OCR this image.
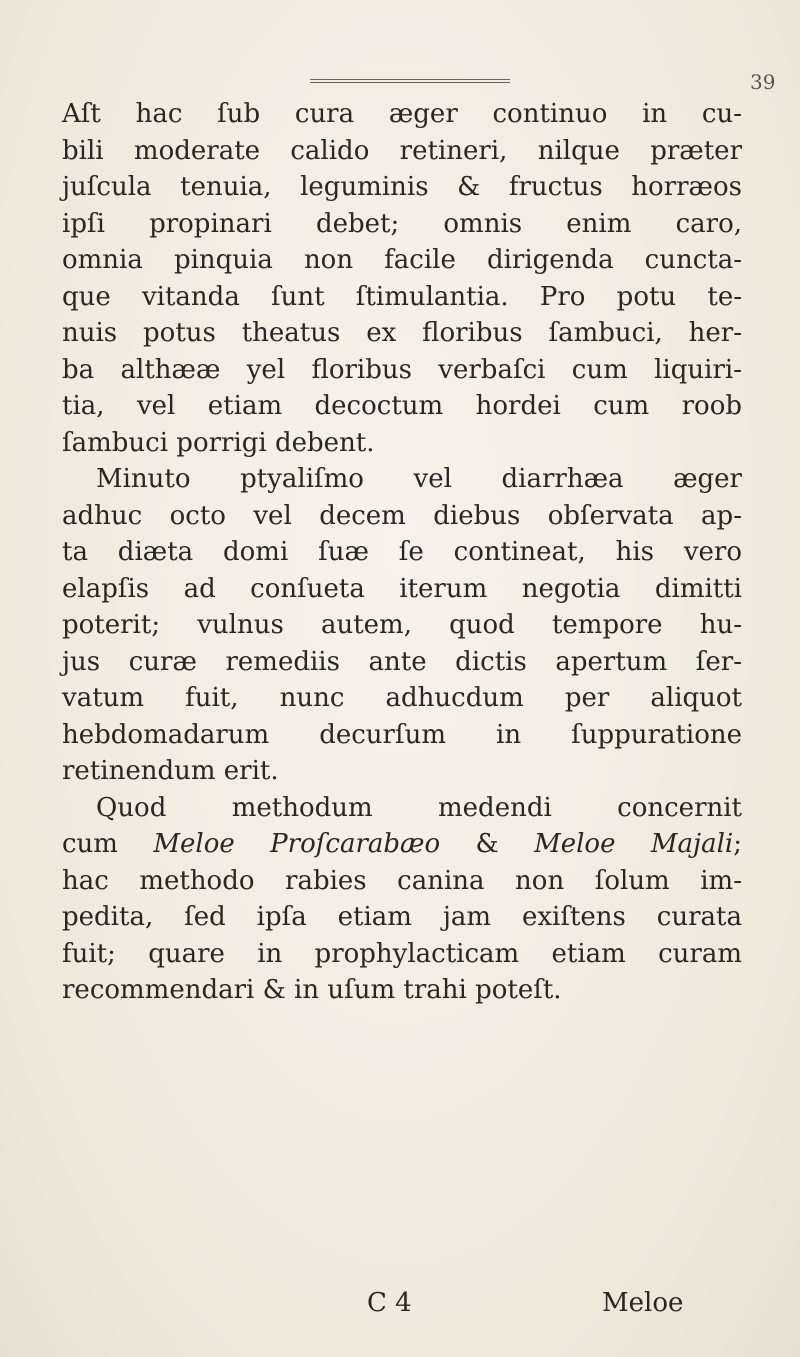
39
Aſt hac ſub cura æger continuo in cu-
bili moderate calido retineri, nilque præter
juſcula tenuia, leguminis & fructus horræos
ipſi propinari debet; omnis enim caro,
omnia pinquia non facile dirigenda cuncta-
que vitanda ſunt ſtimulantia. Pro potu te-
nuis potus theatus ex floribus ſambuci, her-
ba althææ yel floribus verbaſci cum liquiri-
tia, vel etiam decoctum hordei cum roob
ſambuci porrigi debent.
Minuto ptyaliſmo vel diarrhæa æger
adhuc octo vel decem diebus obſervata ap-
ta diæta domi ſuæ ſe contineat, his vero
elapſis ad conſueta iterum negotia dimitti
poterit; vulnus autem, quod tempore hu-
jus curæ remediis ante dictis apertum ſer-
vatum fuit, nunc adhucdum per aliquot
hebdomadarum decurſum in ſuppuratione
retinendum erit.
Quod methodum medendi concernit
cum Meloe Proſcarabæo & Meloe Majali;
hac methodo rabies canina non ſolum im-
pedita, ſed ipſa etiam jam exiſtens curata
fuit; quare in prophylacticam etiam curam
recommendari & in uſum trahi poteſt.
C 4	Meloe
